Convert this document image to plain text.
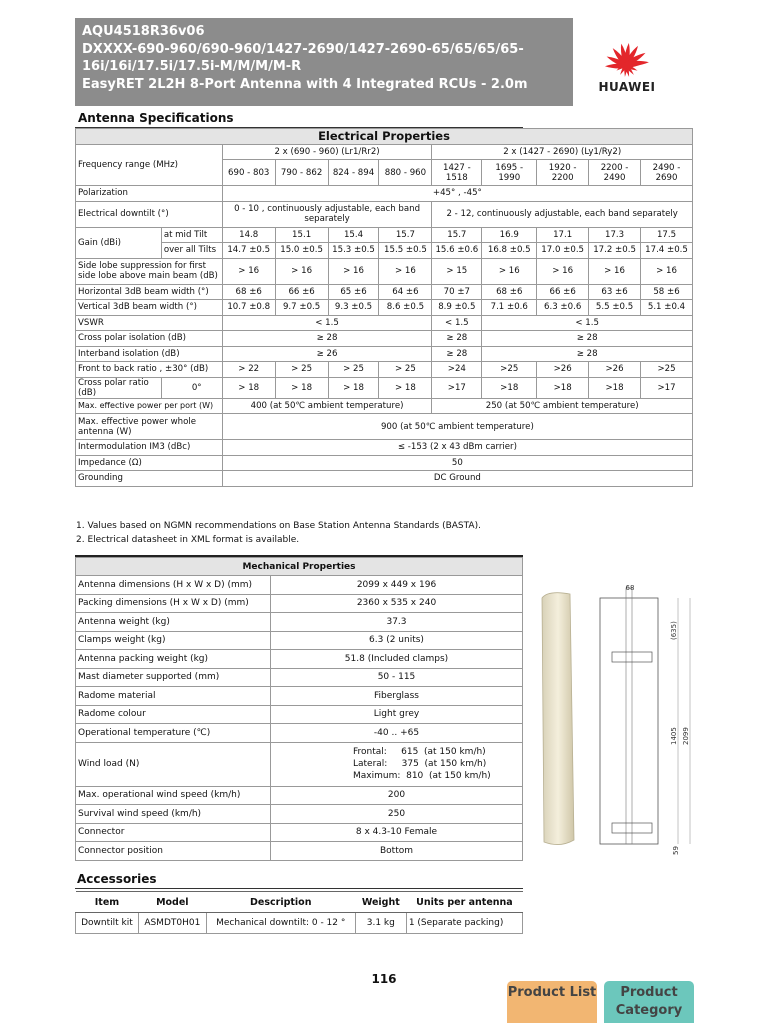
AQU4518R36v06
DXXXX-690-960/690-960/1427-2690/1427-2690-65/65/65/65-
16i/16i/17.5i/17.5i-M/M/M/M-R
EasyRET 2L2H 8-Port Antenna with 4 Integrated RCUs - 2.0m	HUAWEI
Antenna Specifications
Electrical Properties										
Frequency range (MHz)		2 x (690 - 960) (Lr1/Rr2)				2 x (1427 - 2690) (Ly1/Ry2)				
		690 - 803	790 - 862	824 - 894	880 - 960	1427 - 1518	1695 - 1990	1920 - 2200	2200 - 2490	2490 - 2690
Polarization		+45° , -45°								
Electrical downtilt (°)		0 - 10 , continuously adjustable, each band separately				2 - 12, continuously adjustable, each band separately				
Gain (dBi)	at mid Tilt	14.8	15.1	15.4	15.7	15.7	16.9	17.1	17.3	17.5
	over all Tilts	14.7 ±0.5	15.0 ±0.5	15.3 ±0.5	15.5 ±0.5	15.6 ±0.6	16.8 ±0.5	17.0 ±0.5	17.2 ±0.5	17.4 ±0.5
Side lobe suppression for first side lobe above main beam (dB)		> 16	> 16	> 16	> 16	> 15	> 16	> 16	> 16	> 16
Horizontal 3dB beam width (°)		68 ±6	66 ±6	65 ±6	64 ±6	70 ±7	68 ±6	66 ±6	63 ±6	58 ±6
Vertical 3dB beam width (°)		10.7 ±0.8	9.7 ±0.5	9.3 ±0.5	8.6 ±0.5	8.9 ±0.5	7.1 ±0.6	6.3 ±0.6	5.5 ±0.5	5.1 ±0.4
VSWR		< 1.5				< 1.5	< 1.5			
Cross polar isolation (dB)		≥ 28				≥ 28	≥ 28			
Interband isolation (dB)		≥ 26				≥ 28	≥ 28			
Front to back ratio , ±30° (dB)		> 22	> 25	> 25	> 25	>24	>25	>26	>26	>25
Cross polar ratio (dB)	0°	> 18	> 18	> 18	> 18	>17	>18	>18	>18	>17
Max. effective power per port (W)		400 (at 50℃ ambient temperature)				250 (at 50℃ ambient temperature)				
Max. effective power whole antenna (W)		900 (at 50℃ ambient temperature)								
Intermodulation IM3 (dBc)		≤ -153 (2 x 43 dBm carrier)								
Impedance (Ω)		50								
Grounding		DC Ground								
1. Values based on NGMN recommendations on Base Station Antenna Standards (BASTA).
2. Electrical datasheet in XML format is available.
Mechanical Properties	
Antenna dimensions (H x W x D) (mm)	2099 x 449 x 196
Packing dimensions (H x W x D) (mm)	2360 x 535 x 240
Antenna weight (kg)	37.3
Clamps weight (kg)	6.3 (2 units)
Antenna packing weight (kg)	51.8 (Included clamps)
Mast diameter supported (mm)	50 - 115
Radome material	Fiberglass
Radome colour	Light grey
Operational temperature (℃)	-40 .. +65
Wind load (N)	Frontal:     615  (at 150 km/h)
Lateral:     375  (at 150 km/h)
Maximum:  810  (at 150 km/h)

Max. operational wind speed (km/h)	200
Survival wind speed (km/h)	250
Connector	8 x 4.3-10 Female
Connector position	Bottom
68
(635)
1405 2099
59
Accessories
Item	Model	Description	Weight	Units per antenna
Downtilt kit	ASMDT0H01	Mechanical downtilt: 0 - 12 °	3.1 kg	1 (Separate packing)
116
Product List	Product Category
